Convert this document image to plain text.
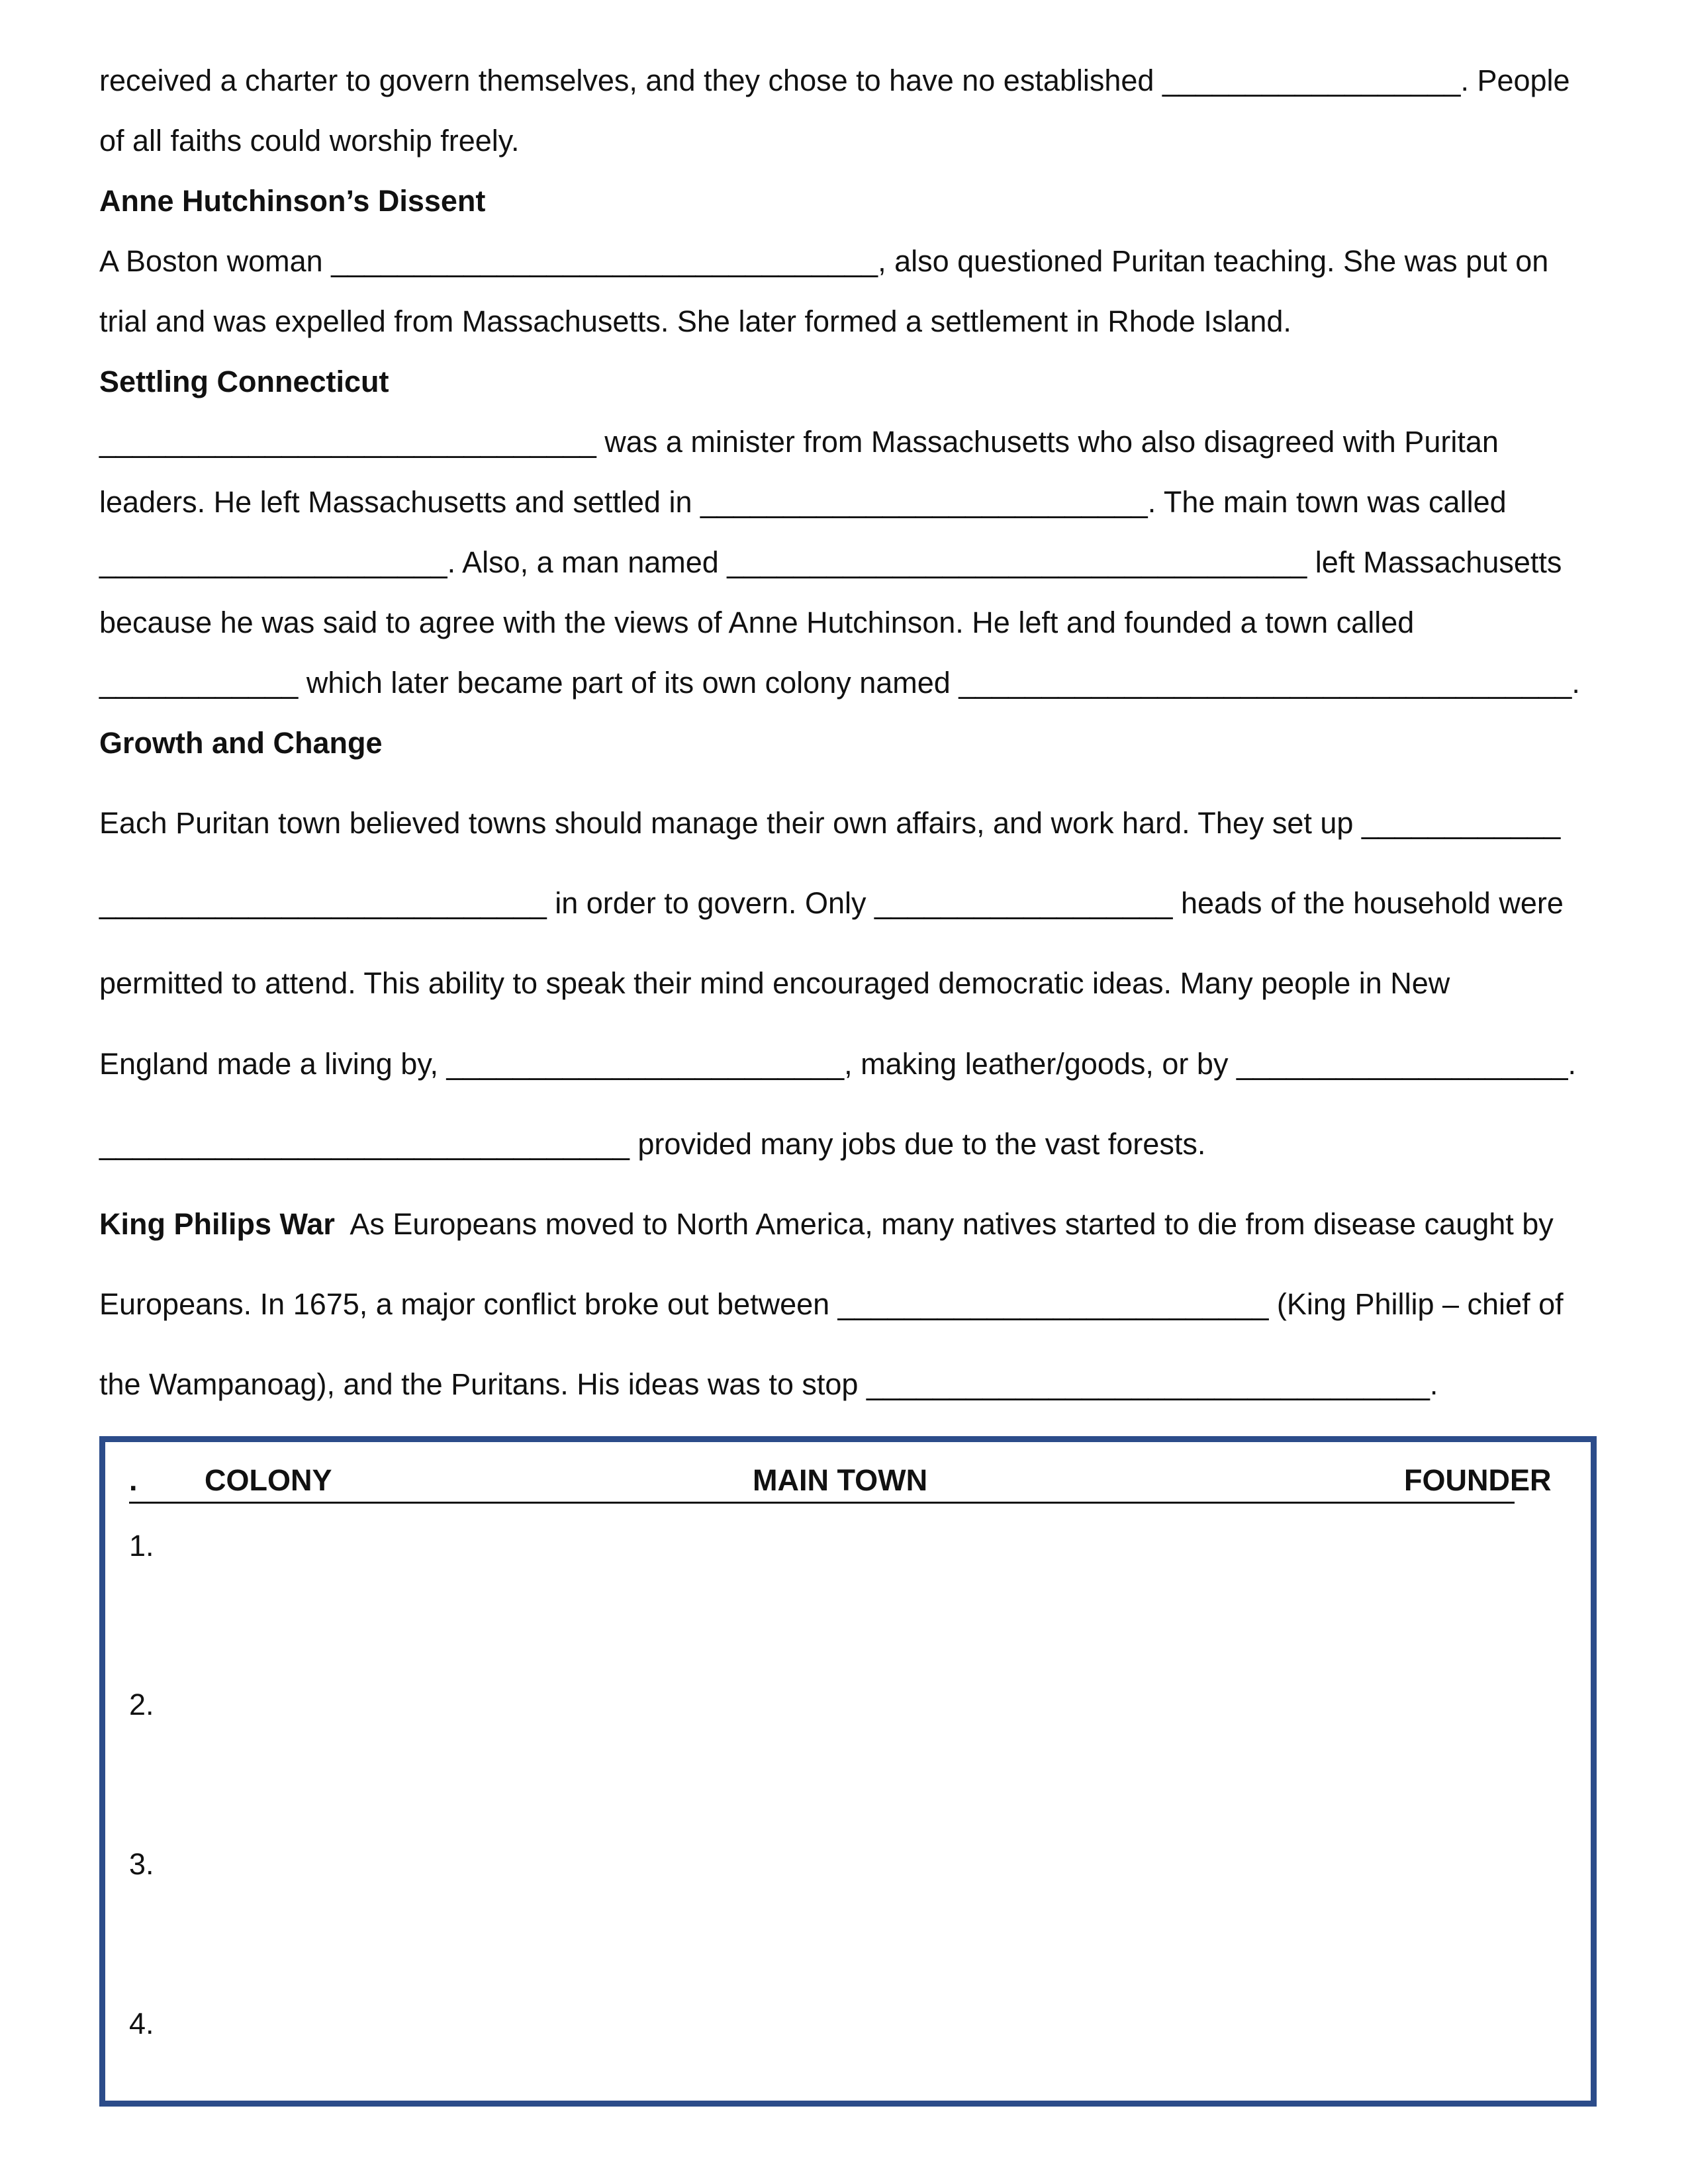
received a charter to govern themselves, and they chose to have no established __________________. People
of all faiths could worship freely.
Anne Hutchinson’s Dissent
A Boston woman _________________________________, also questioned Puritan teaching. She was put on
trial and was expelled from Massachusetts. She later formed a settlement in Rhode Island.
Settling Connecticut
______________________________ was a minister from Massachusetts who also disagreed with Puritan
leaders. He left Massachusetts and settled in ___________________________. The main town was called
_____________________. Also, a man named ___________________________________ left Massachusetts
because he was said to agree with the views of Anne Hutchinson. He left and founded a town called
____________ which later became part of its own colony named _____________________________________.
Growth and Change
Each Puritan town believed towns should manage their own affairs, and work hard. They set up ____________
___________________________ in order to govern. Only __________________ heads of the household were
permitted to attend. This ability to speak their mind encouraged democratic ideas. Many people in New
England made a living by, ________________________, making leather/goods, or by ____________________.
________________________________ provided many jobs due to the vast forests.
King Philips War As Europeans moved to North America, many natives started to die from disease caught by
Europeans. In 1675, a major conflict broke out between __________________________ (King Phillip – chief of
the Wampanoag), and the Puritans. His ideas was to stop __________________________________.
. COLONY	MAIN TOWN	FOUNDER
1.
2.
3.
4.
